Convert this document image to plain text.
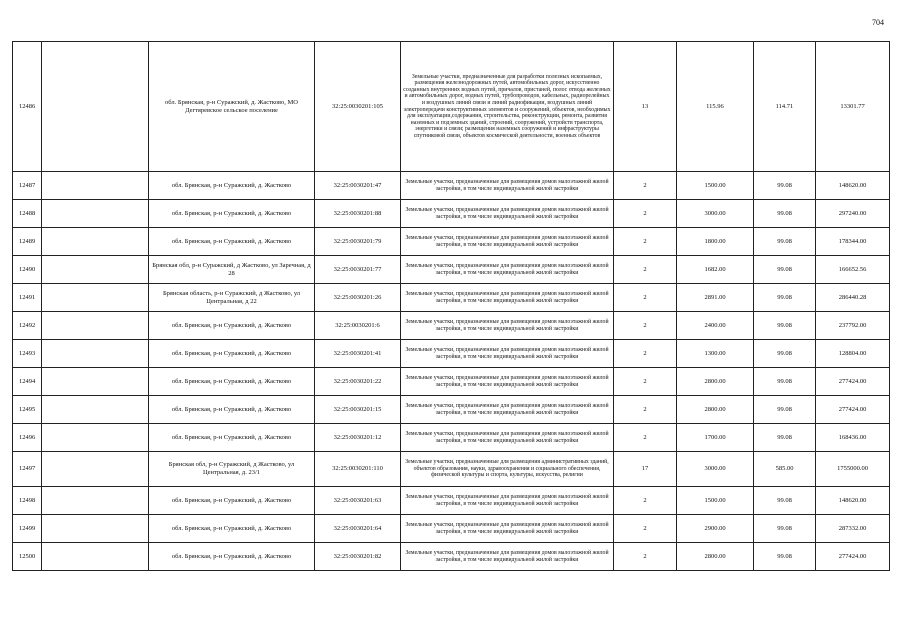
704
12486		обл. Брянская, р-н Суражский, д. Жастково, МО Дегтяревское сельское поселение	32:25:0030201:105	Земельные участки, предназначенные для разработки полезных ископаемых, размещения железнодорожных путей, автомобильных дорог, искусственно созданных внутренних водных путей, причалов, пристаней, полос отвода железных и автомобильных дорог, водных путей, трубопроводов, кабельных, радиорелейных и воздушных линий связи и линий радиофикации, воздушных линий электропередачи конструктивных элементов и сооружений, объектов, необходимых для эксплуатации,содержания, строительства, реконструкции, ремонта, развития наземных и подземных зданий, строений, сооружений, устройств транспорта, энергетики и связи; размещения наземных сооружений и инфраструктуры спутниковой связи, объектов космической деятельности, военных объектов	13	115.96	114.71	13301.77
12487		обл. Брянская, р-н Суражский, д. Жастково	32:25:0030201:47	Земельные участки, предназначенные для размещения домов малоэтажной жилой застройки, в том числе индивидуальной жилой застройки	2	1500.00	99.08	148620.00
12488		обл. Брянская, р-н Суражский, д. Жастково	32:25:0030201:88	Земельные участки, предназначенные для размещения домов малоэтажной жилой застройки, в том числе индивидуальной жилой застройки	2	3000.00	99.08	297240.00
12489		обл. Брянская, р-н Суражский, д. Жастково	32:25:0030201:79	Земельные участки, предназначенные для размещения домов малоэтажной жилой застройки, в том числе индивидуальной жилой застройки	2	1800.00	99.08	178344.00
12490		Брянская обл, р-н Суражский, д Жастково, ул Заречная, д 28	32:25:0030201:77	Земельные участки, предназначенные для размещения домов малоэтажной жилой застройки, в том числе индивидуальной жилой застройки	2	1682.00	99.08	166652.56
12491		Брянская область, р-н Суражский, д Жастково, ул Центральная, д 22	32:25:0030201:26	Земельные участки, предназначенные для размещения домов малоэтажной жилой застройки, в том числе индивидуальной жилой застройки	2	2891.00	99.08	286440.28
12492		обл. Брянская, р-н Суражский, д. Жастково	32:25:0030201:6	Земельные участки, предназначенные для размещения домов малоэтажной жилой застройки, в том числе индивидуальной жилой застройки	2	2400.00	99.08	237792.00
12493		обл. Брянская, р-н Суражский, д. Жастково	32:25:0030201:41	Земельные участки, предназначенные для размещения домов малоэтажной жилой застройки, в том числе индивидуальной жилой застройки	2	1300.00	99.08	128804.00
12494		обл. Брянская, р-н Суражский, д. Жастково	32:25:0030201:22	Земельные участки, предназначенные для размещения домов малоэтажной жилой застройки, в том числе индивидуальной жилой застройки	2	2800.00	99.08	277424.00
12495		обл. Брянская, р-н Суражский, д. Жастково	32:25:0030201:15	Земельные участки, предназначенные для размещения домов малоэтажной жилой застройки, в том числе индивидуальной жилой застройки	2	2800.00	99.08	277424.00
12496		обл. Брянская, р-н Суражский, д. Жастково	32:25:0030201:12	Земельные участки, предназначенные для размещения домов малоэтажной жилой застройки, в том числе индивидуальной жилой застройки	2	1700.00	99.08	168436.00
12497		Брянская обл, р-н Суражский, д Жастково, ул Центральная, д. 23/1	32:25:0030201:110	Земельные участки, предназначенные для размещения административных зданий, объектов образования, науки, здравоохранения и социального обеспечения, физической культуры и спорта, культуры, искусства, религии	17	3000.00	585.00	1755000.00
12498		обл. Брянская, р-н Суражский, д. Жастково	32:25:0030201:63	Земельные участки, предназначенные для размещения домов малоэтажной жилой застройки, в том числе индивидуальной жилой застройки	2	1500.00	99.08	148620.00
12499		обл. Брянская, р-н Суражский, д. Жастково	32:25:0030201:64	Земельные участки, предназначенные для размещения домов малоэтажной жилой застройки, в том числе индивидуальной жилой застройки	2	2900.00	99.08	287332.00
12500		обл. Брянская, р-н Суражский, д. Жастково	32:25:0030201:82	Земельные участки, предназначенные для размещения домов малоэтажной жилой застройки, в том числе индивидуальной жилой застройки	2	2800.00	99.08	277424.00
